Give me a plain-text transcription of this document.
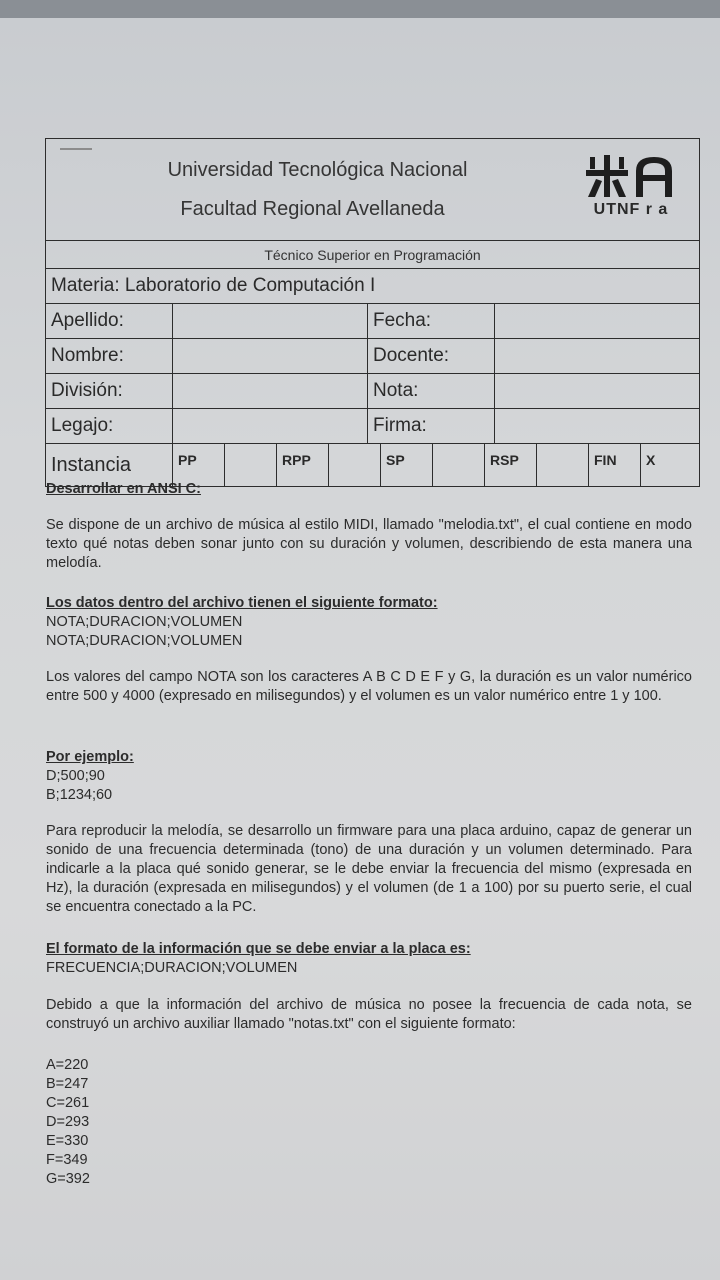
Universidad Tecnológica Nacional
Facultad Regional Avellaneda	UTNF r a
Técnico Superior en Programación
Materia: Laboratorio de Computación I
Apellido:	Fecha:
Nombre:	Docente:
División:	Nota:
Legajo:	Firma:
Instancia	PP	RPP	SP	RSP	FIN	X
Desarrollar en ANSI C:
Se dispone de un archivo de música al estilo MIDI, llamado "melodia.txt", el cual contiene en modo texto qué notas deben sonar junto con su duración y volumen, describiendo de esta manera una melodía.
Los datos dentro del archivo tienen el siguiente formato:
NOTA;DURACION;VOLUMEN
NOTA;DURACION;VOLUMEN
Los valores del campo NOTA son los caracteres A B C D E F y G, la duración es un valor numérico entre 500 y 4000 (expresado en milisegundos) y el volumen es un valor numérico entre 1 y 100.
Por ejemplo:
D;500;90
B;1234;60
Para reproducir la melodía, se desarrollo un firmware para una placa arduino, capaz de generar un sonido de una frecuencia determinada (tono) de una duración y un volumen determinado. Para indicarle a la placa qué sonido generar, se le debe enviar la frecuencia del mismo (expresada en Hz), la duración (expresada en milisegundos) y el volumen (de 1 a 100) por su puerto serie, el cual se encuentra conectado a la PC.
El formato de la información que se debe enviar a la placa es:
FRECUENCIA;DURACION;VOLUMEN
Debido a que la información del archivo de música no posee la frecuencia de cada nota, se construyó un archivo auxiliar llamado "notas.txt" con el siguiente formato:
A=220
B=247
C=261
D=293
E=330
F=349
G=392
